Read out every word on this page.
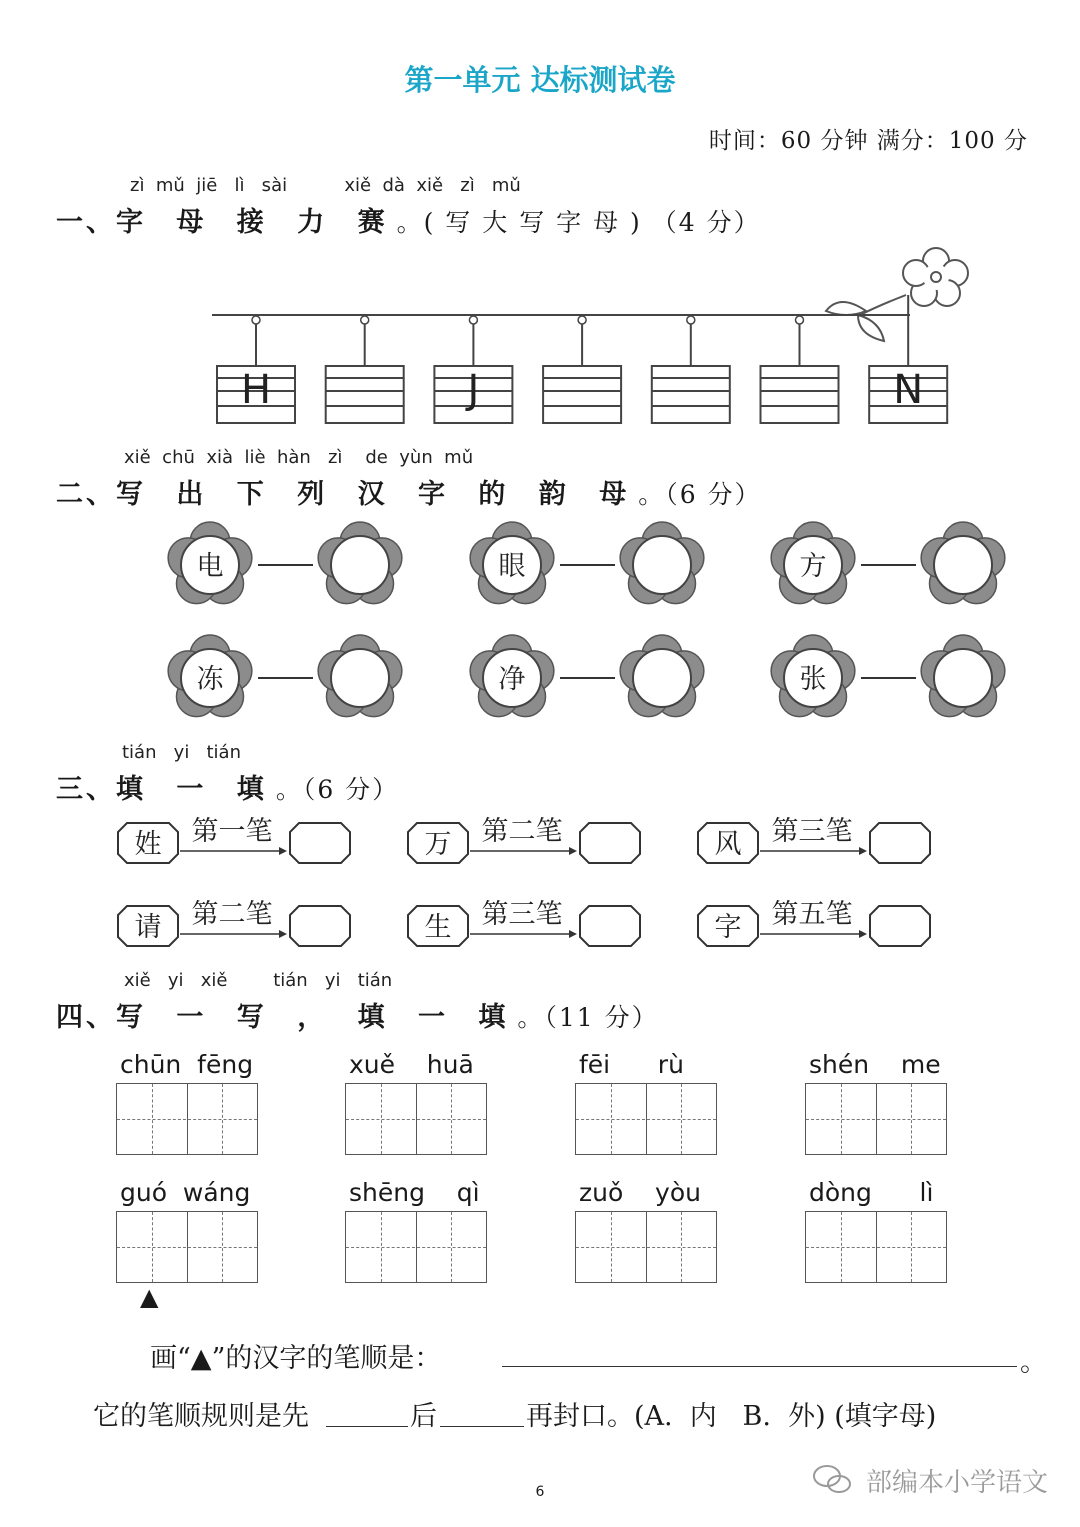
第一单元 达标测试卷
时间：60 分钟 满分：100 分
zì  mǔ  jiē   lì   sài          xiě  dà  xiě   zì   mǔ
一、字 母 接 力 赛。( 写 大 写 字 母 ) （4 分）
H	J	N
xiě  chū  xià  liè  hàn   zì    de  yùn  mǔ
二、写 出 下 列 汉 字 的 韵 母。（6 分）
电	眼	方
冻	净	张
tián   yi   tián
三、填 一 填。（6 分）
姓 第一笔	万 第二笔	风 第三笔
请 第二笔	生 第三笔	字 第五笔
xiě   yi   xiě        tián   yi   tián
四、写 一 写 ， 填 一 填。（11 分）
chūn  fēng	xuě    huā	fēi      rù	shén    me
guó  wáng	shēng    qì	zuǒ    yòu	dòng      lì
▲
画“▲”的汉字的笔顺是：	。
它的笔顺规则是先	后	再封口。(A.  内   B.  外) (填字母)
6	部编本小学语文
